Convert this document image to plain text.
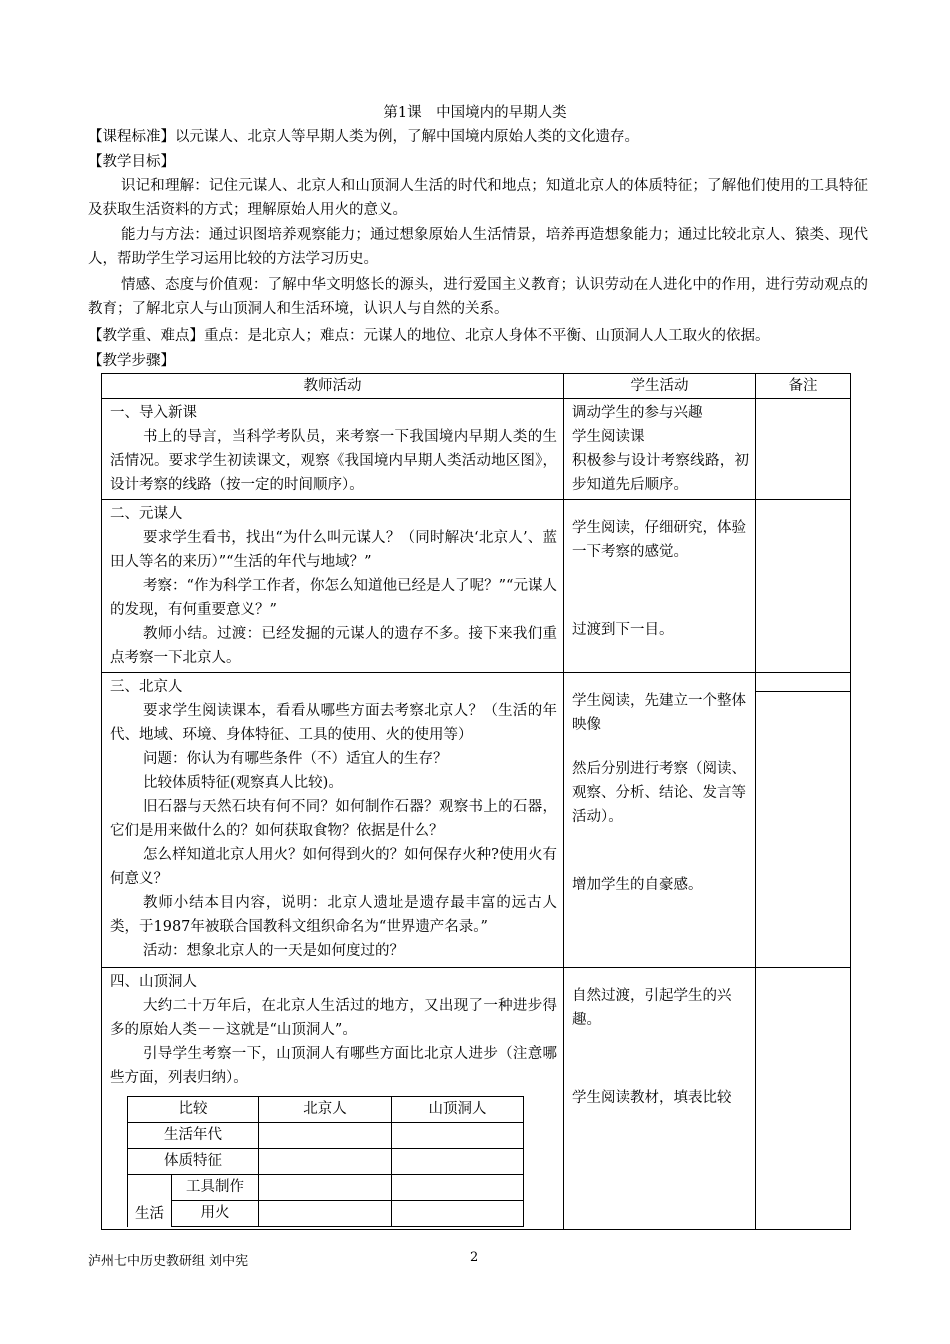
第1课　中国境内的早期人类
【课程标准】以元谋人、北京人等早期人类为例，了解中国境内原始人类的文化遗存。
【教学目标】
识记和理解：记住元谋人、北京人和山顶洞人生活的时代和地点；知道北京人的体质特征；了解他们使用的工具特征及获取生活资料的方式；理解原始人用火的意义。
能力与方法：通过识图培养观察能力；通过想象原始人生活情景，培养再造想象能力；通过比较北京人、猿类、现代人，帮助学生学习运用比较的方法学习历史。
情感、态度与价值观：了解中华文明悠长的源头，进行爱国主义教育；认识劳动在人进化中的作用，进行劳动观点的教育；了解北京人与山顶洞人和生活环境，认识人与自然的关系。
【教学重、难点】重点：是北京人；难点：元谋人的地位、北京人身体不平衡、山顶洞人人工取火的依据。
【教学步骤】
教师活动	学生活动	备注

一、导入新课
书上的导言，当科学考队员，来考察一下我国境内早期人类的生活情况。要求学生初读课文，观察《我国境内早期人类活动地区图》，设计考察的线路（按一定的时间顺序）。

调动学生的参与兴趣
学生阅读课
积极参与设计考察线路，初步知道先后顺序。

二、元谋人
要求学生看书，找出“为什么叫元谋人？（同时解决‘北京人’、蓝田人等名的来历）”“生活的年代与地域？”
考察：“作为科学工作者，你怎么知道他已经是人了呢？”“元谋人的发现，有何重要意义？”
教师小结。过渡：已经发掘的元谋人的遗存不多。接下来我们重点考察一下北京人。

学生阅读，仔细研究，体验一下考察的感觉。
过渡到下一目。

三、北京人
要求学生阅读课本，看看从哪些方面去考察北京人？（生活的年代、地域、环境、身体特征、工具的使用、火的使用等）
问题：你认为有哪些条件（不）适宜人的生存？
比较体质特征(观察真人比较)。
旧石器与天然石块有何不同？如何制作石器？观察书上的石器，它们是用来做什么的？如何获取食物？依据是什么？
怎么样知道北京人用火？如何得到火的？如何保存火种?使用火有何意义？
教师小结本目内容，说明：北京人遗址是遗存最丰富的远古人类，于1987年被联合国教科文组织命名为“世界遗产名录。”
活动：想象北京人的一天是如何度过的？

学生阅读，先建立一个整体映像
然后分别进行考察（阅读、观察、分析、结论、发言等活动）。
增加学生的自豪感。

四、山顶洞人
大约二十万年后，在北京人生活过的地方，又出现了一种进步得多的原始人类－－这就是“山顶洞人”。
引导学生考察一下，山顶洞人有哪些方面比北京人进步（注意哪些方面，列表归纳）。
比较	北京人	山顶洞人
生活年代		
体质特征		
生活	工具制作		
用火		

自然过渡，引起学生的兴趣。
学生阅读教材，填表比较

泸州七中历史教研组 刘中宪	2
